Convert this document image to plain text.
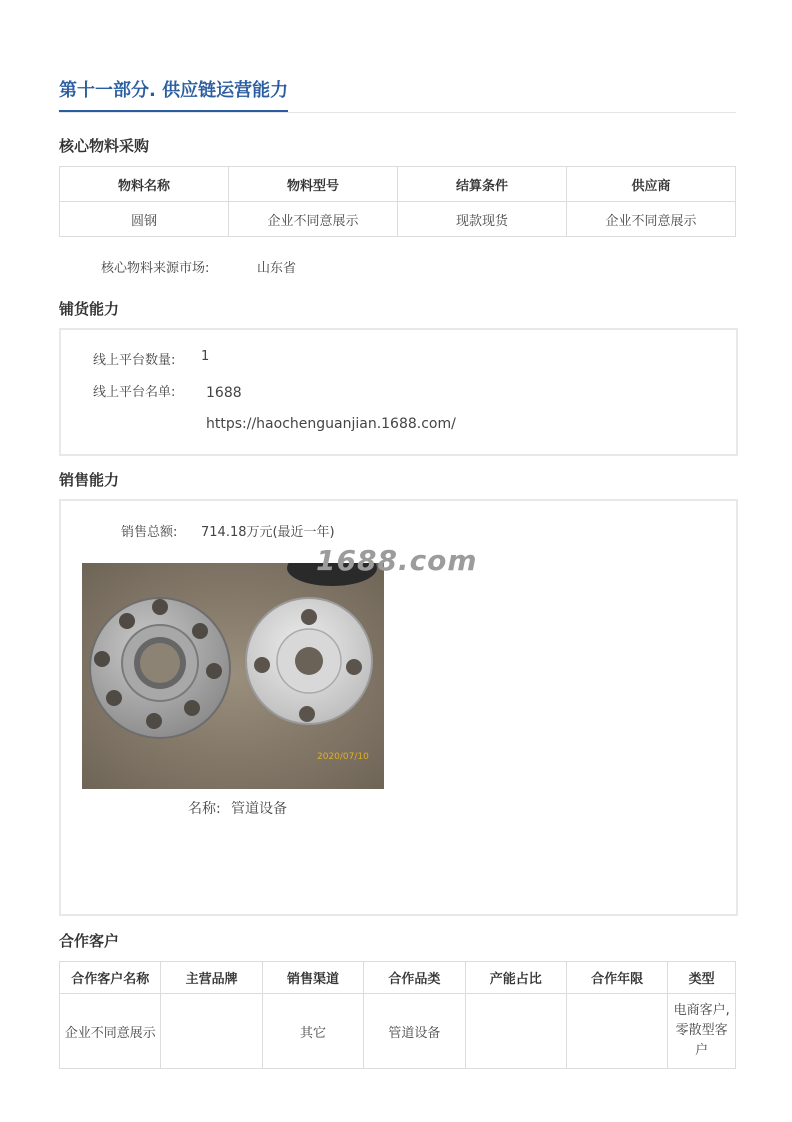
第十一部分. 供应链运营能力
核心物料采购
物料名称	物料型号	结算条件	供应商
圆钢	企业不同意展示	现款现货	企业不同意展示
核心物料来源市场:	山东省
铺货能力
线上平台数量: 1
线上平台名单: 1688
https://haochenguanjian.1688.com/
销售能力
销售总额: 714.18万元(最近一年)
2020/07/10
1688.com
名称: 管道设备
合作客户
合作客户名称	主营品牌	销售渠道	合作品类	产能占比	合作年限	类型
企业不同意展示		其它	管道设备			电商客户,零散型客户
